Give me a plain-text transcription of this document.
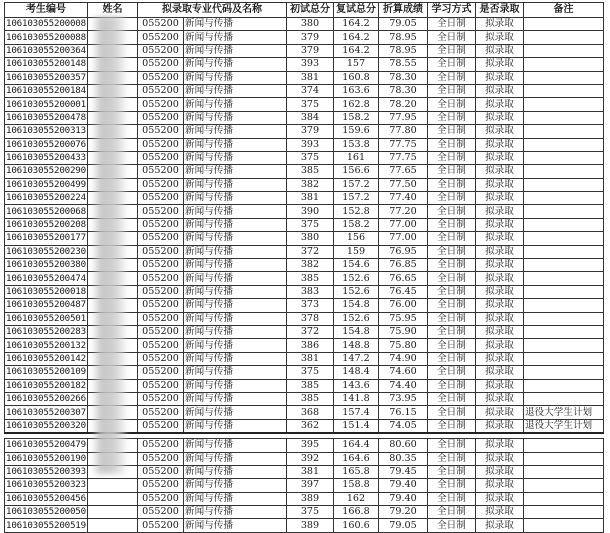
考生编号	姓名	拟录取专业代码及名称		初试总分	复试总分	折算成绩	学习方式	是否录取	备注
106103055200008		055200	新闻与传播	380	164.2	79.05	全日制	拟录取	
106103055200088		055200	新闻与传播	379	164.2	78.95	全日制	拟录取	
106103055200364		055200	新闻与传播	379	164.2	78.95	全日制	拟录取	
106103055200148		055200	新闻与传播	393	157	78.55	全日制	拟录取	
106103055200357		055200	新闻与传播	381	160.8	78.30	全日制	拟录取	
106103055200184		055200	新闻与传播	374	163.6	78.30	全日制	拟录取	
106103055200001		055200	新闻与传播	375	162.8	78.20	全日制	拟录取	
106103055200478		055200	新闻与传播	384	158.2	77.95	全日制	拟录取	
106103055200313		055200	新闻与传播	379	159.6	77.80	全日制	拟录取	
106103055200076		055200	新闻与传播	393	153.8	77.75	全日制	拟录取	
106103055200433		055200	新闻与传播	375	161	77.75	全日制	拟录取	
106103055200290		055200	新闻与传播	385	156.6	77.65	全日制	拟录取	
106103055200499		055200	新闻与传播	382	157.2	77.50	全日制	拟录取	
106103055200224		055200	新闻与传播	381	157.2	77.40	全日制	拟录取	
106103055200068		055200	新闻与传播	390	152.8	77.20	全日制	拟录取	
106103055200208		055200	新闻与传播	375	158.2	77.00	全日制	拟录取	
106103055200177		055200	新闻与传播	380	156	77.00	全日制	拟录取	
106103055200230		055200	新闻与传播	372	159	76.95	全日制	拟录取	
106103055200380		055200	新闻与传播	382	154.6	76.85	全日制	拟录取	
106103055200474		055200	新闻与传播	385	152.6	76.65	全日制	拟录取	
106103055200018		055200	新闻与传播	383	152.6	76.45	全日制	拟录取	
106103055200487		055200	新闻与传播	373	154.8	76.00	全日制	拟录取	
106103055200501		055200	新闻与传播	378	152.6	75.95	全日制	拟录取	
106103055200283		055200	新闻与传播	372	154.8	75.90	全日制	拟录取	
106103055200132		055200	新闻与传播	386	148.8	75.80	全日制	拟录取	
106103055200142		055200	新闻与传播	381	147.2	74.90	全日制	拟录取	
106103055200109		055200	新闻与传播	375	148.4	74.60	全日制	拟录取	
106103055200182		055200	新闻与传播	385	143.6	74.40	全日制	拟录取	
106103055200266		055200	新闻与传播	385	141.8	73.95	全日制	拟录取	
106103055200307		055200	新闻与传播	368	157.4	76.15	全日制	拟录取	退役大学生计划
106103055200320		055200	新闻与传播	362	151.4	74.05	全日制	拟录取	退役大学生计划

106103055200479		055200	新闻与传播	395	164.4	80.60	全日制	拟录取	
106103055200190		055200	新闻与传播	392	164.6	80.35	全日制	拟录取	
106103055200393		055200	新闻与传播	381	165.8	79.45	全日制	拟录取	
106103055200323		055200	新闻与传播	397	158.8	79.40	全日制	拟录取	
106103055200456		055200	新闻与传播	389	162	79.40	全日制	拟录取	
106103055200050		055200	新闻与传播	375	166.8	79.20	全日制	拟录取	
106103055200519		055200	新闻与传播	389	160.6	79.05	全日制	拟录取	
